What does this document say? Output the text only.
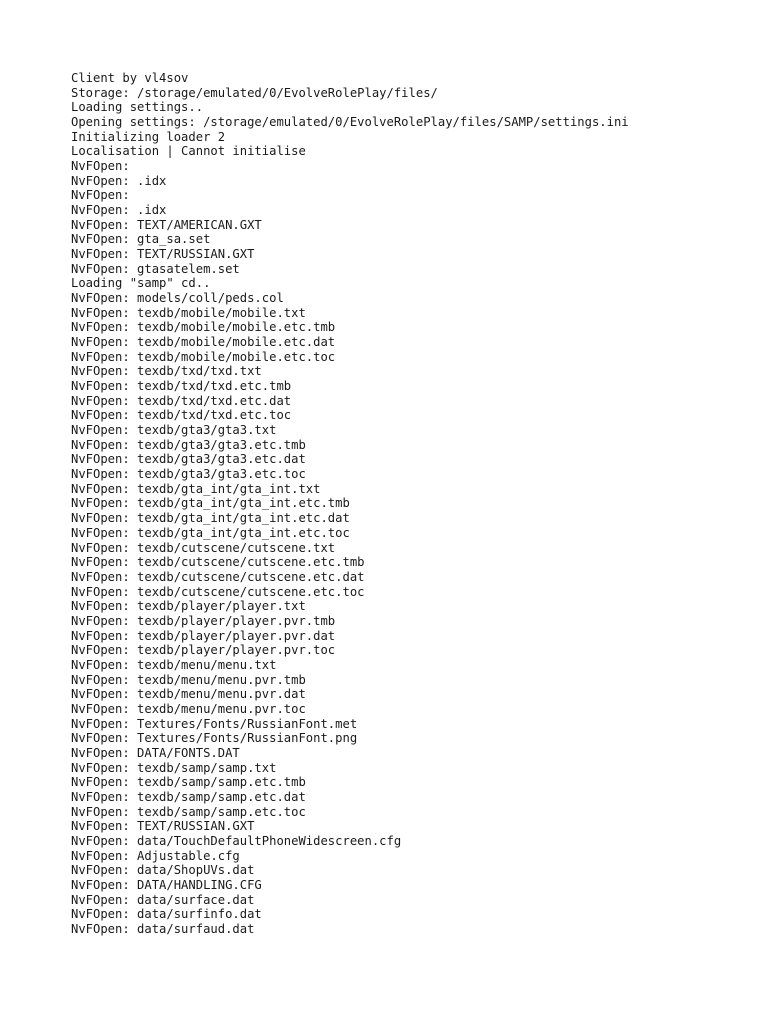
Client by vl4sov
Storage: /storage/emulated/0/EvolveRolePlay/files/
Loading settings..
Opening settings: /storage/emulated/0/EvolveRolePlay/files/SAMP/settings.ini
Initializing loader 2
Localisation | Cannot initialise
NvFOpen:
NvFOpen: .idx
NvFOpen:
NvFOpen: .idx
NvFOpen: TEXT/AMERICAN.GXT
NvFOpen: gta_sa.set
NvFOpen: TEXT/RUSSIAN.GXT
NvFOpen: gtasatelem.set
Loading "samp" cd..
NvFOpen: models/coll/peds.col
NvFOpen: texdb/mobile/mobile.txt
NvFOpen: texdb/mobile/mobile.etc.tmb
NvFOpen: texdb/mobile/mobile.etc.dat
NvFOpen: texdb/mobile/mobile.etc.toc
NvFOpen: texdb/txd/txd.txt
NvFOpen: texdb/txd/txd.etc.tmb
NvFOpen: texdb/txd/txd.etc.dat
NvFOpen: texdb/txd/txd.etc.toc
NvFOpen: texdb/gta3/gta3.txt
NvFOpen: texdb/gta3/gta3.etc.tmb
NvFOpen: texdb/gta3/gta3.etc.dat
NvFOpen: texdb/gta3/gta3.etc.toc
NvFOpen: texdb/gta_int/gta_int.txt
NvFOpen: texdb/gta_int/gta_int.etc.tmb
NvFOpen: texdb/gta_int/gta_int.etc.dat
NvFOpen: texdb/gta_int/gta_int.etc.toc
NvFOpen: texdb/cutscene/cutscene.txt
NvFOpen: texdb/cutscene/cutscene.etc.tmb
NvFOpen: texdb/cutscene/cutscene.etc.dat
NvFOpen: texdb/cutscene/cutscene.etc.toc
NvFOpen: texdb/player/player.txt
NvFOpen: texdb/player/player.pvr.tmb
NvFOpen: texdb/player/player.pvr.dat
NvFOpen: texdb/player/player.pvr.toc
NvFOpen: texdb/menu/menu.txt
NvFOpen: texdb/menu/menu.pvr.tmb
NvFOpen: texdb/menu/menu.pvr.dat
NvFOpen: texdb/menu/menu.pvr.toc
NvFOpen: Textures/Fonts/RussianFont.met
NvFOpen: Textures/Fonts/RussianFont.png
NvFOpen: DATA/FONTS.DAT
NvFOpen: texdb/samp/samp.txt
NvFOpen: texdb/samp/samp.etc.tmb
NvFOpen: texdb/samp/samp.etc.dat
NvFOpen: texdb/samp/samp.etc.toc
NvFOpen: TEXT/RUSSIAN.GXT
NvFOpen: data/TouchDefaultPhoneWidescreen.cfg
NvFOpen: Adjustable.cfg
NvFOpen: data/ShopUVs.dat
NvFOpen: DATA/HANDLING.CFG
NvFOpen: data/surface.dat
NvFOpen: data/surfinfo.dat
NvFOpen: data/surfaud.dat
